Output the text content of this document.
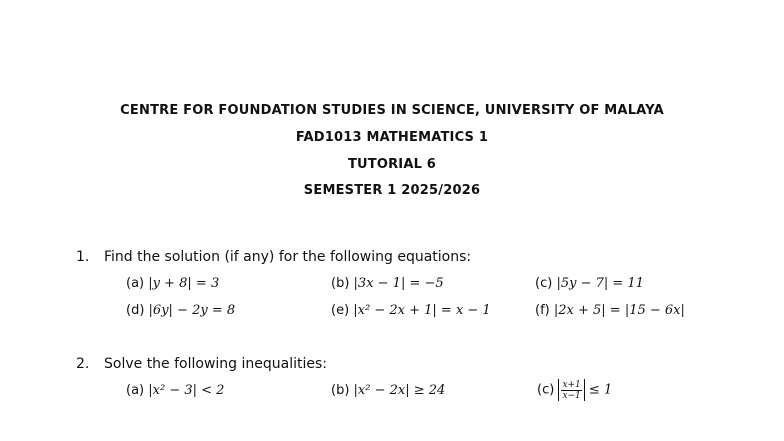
CENTRE FOR FOUNDATION STUDIES IN SCIENCE, UNIVERSITY OF MALAYA
FAD1013 MATHEMATICS 1
TUTORIAL 6
SEMESTER 1 2025/2026
1. Find the solution (if any) for the following equations:
(a) |y + 8| = 3	(b) |3x − 1| = −5	(c) |5y − 7| = 11
(d) |6y| − 2y = 8	(e) |x² − 2x + 1| = x − 1	(f) |2x + 5| = |15 − 6x|
2. Solve the following inequalities:
(a) |x² − 3| < 2	(b) |x² − 2x| ≥ 24	$(c) \frac{x+1}{x-1} \le 1$
